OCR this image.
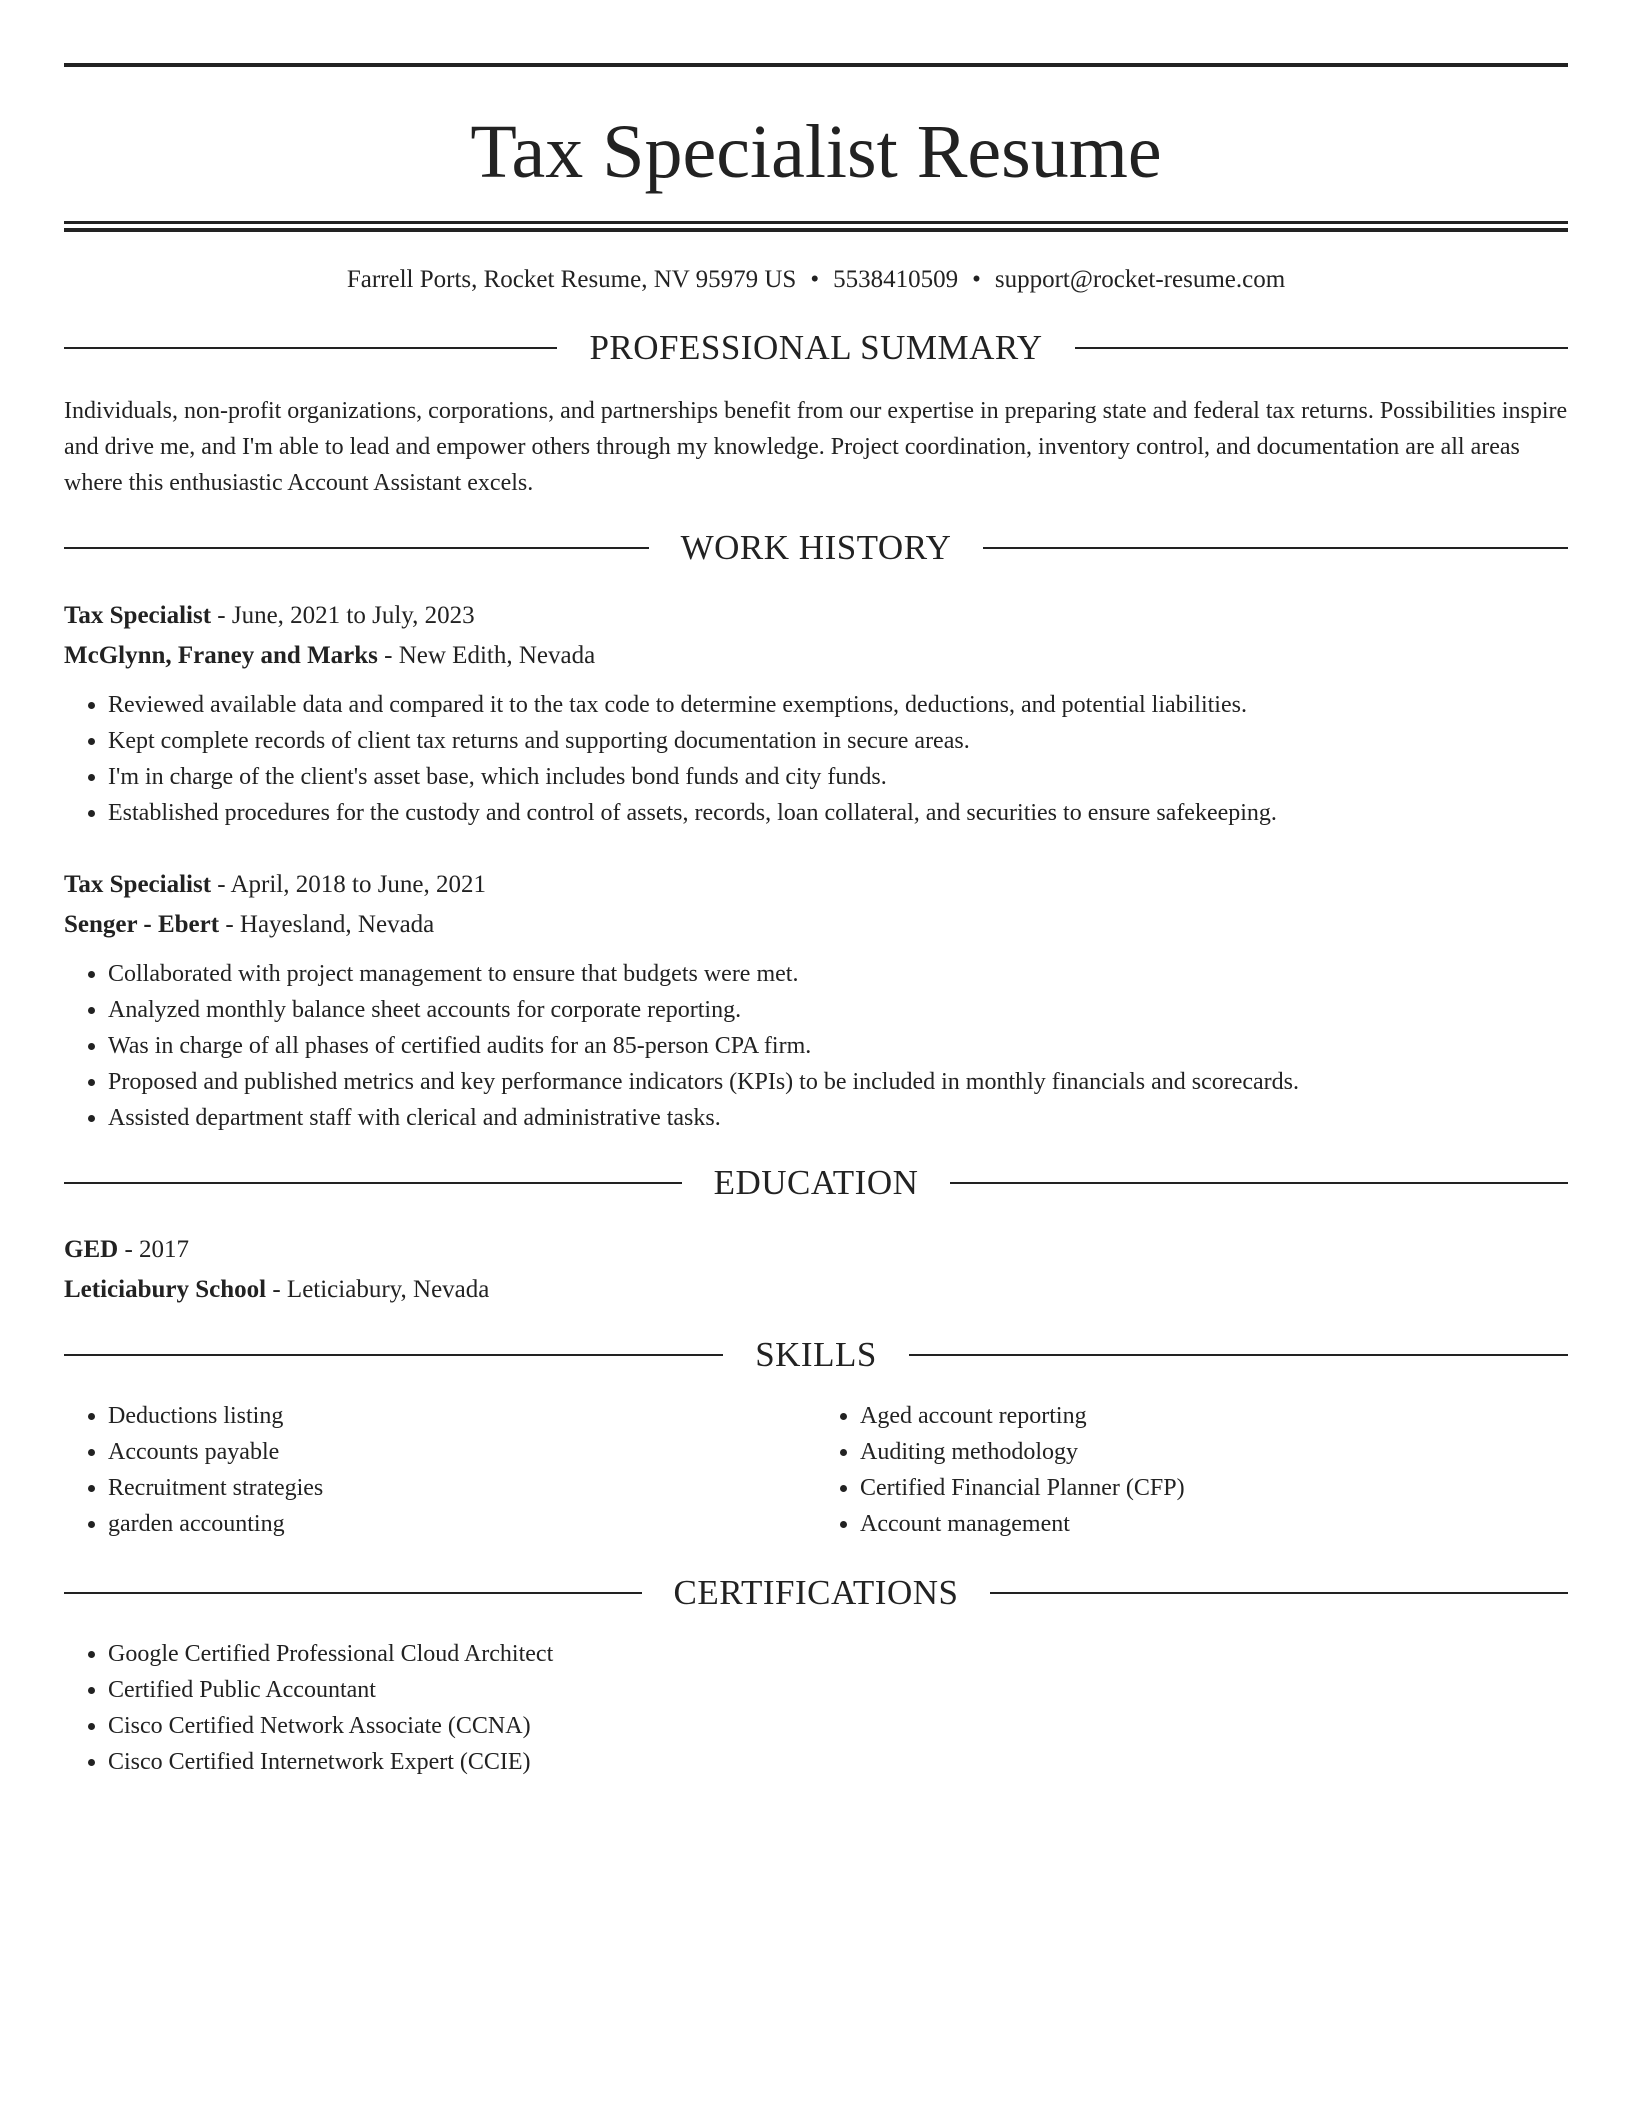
Tax Specialist Resume
Farrell Ports, Rocket Resume, NV 95979 US • 5538410509 • support@rocket-resume.com
PROFESSIONAL SUMMARY

Individuals, non-profit organizations, corporations, and partnerships benefit from our expertise in preparing state and federal tax returns. Possibilities inspire and drive me, and I'm able to lead and empower others through my knowledge. Project coordination, inventory control, and documentation are all areas where this enthusiastic Account Assistant excels.

WORK HISTORY
Tax Specialist - June, 2021 to July, 2023
McGlynn, Franey and Marks - New Edith, Nevada
• Reviewed available data and compared it to the tax code to determine exemptions, deductions, and potential liabilities.
• Kept complete records of client tax returns and supporting documentation in secure areas.
• I'm in charge of the client's asset base, which includes bond funds and city funds.
• Established procedures for the custody and control of assets, records, loan collateral, and securities to ensure safekeeping.
Tax Specialist - April, 2018 to June, 2021
Senger - Ebert - Hayesland, Nevada
• Collaborated with project management to ensure that budgets were met.
• Analyzed monthly balance sheet accounts for corporate reporting.
• Was in charge of all phases of certified audits for an 85-person CPA firm.
• Proposed and published metrics and key performance indicators (KPIs) to be included in monthly financials and scorecards.
• Assisted department staff with clerical and administrative tasks.
EDUCATION
GED - 2017
Leticiabury School - Leticiabury, Nevada
SKILLS
• Deductions listing
• Accounts payable
• Recruitment strategies
• garden accounting
• Aged account reporting
• Auditing methodology
• Certified Financial Planner (CFP)
• Account management
CERTIFICATIONS
• Google Certified Professional Cloud Architect
• Certified Public Accountant
• Cisco Certified Network Associate (CCNA)
• Cisco Certified Internetwork Expert (CCIE)
